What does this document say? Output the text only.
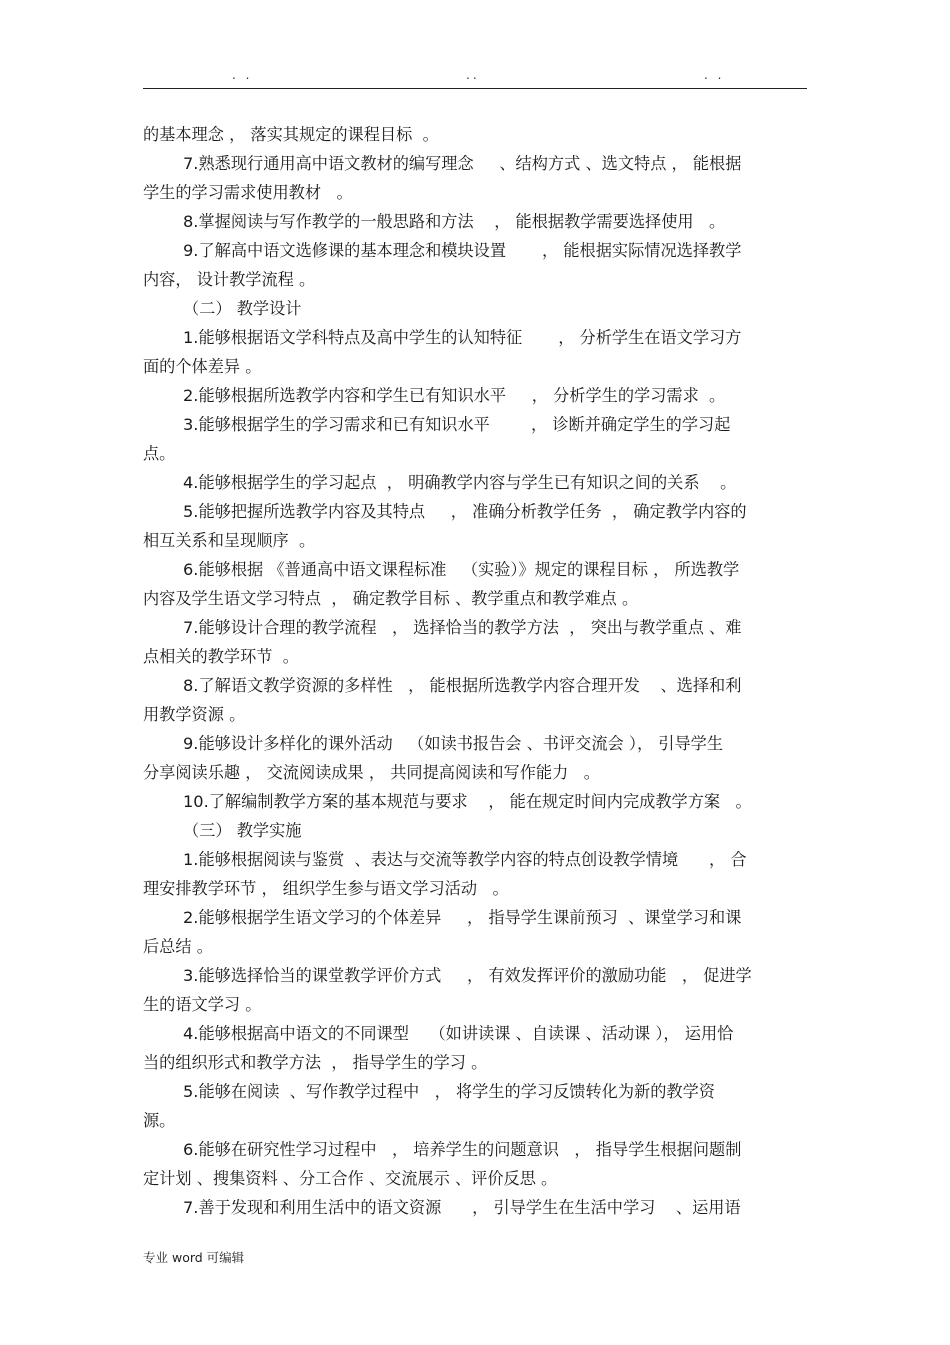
. .	..	. .
的基本理念 ， 落实其规定的课程目标  。
7.熟悉现行通用高中语文教材的编写理念     、结构方式 、选文特点 ， 能根据
学生的学习需求使用教材   。
8.掌握阅读与写作教学的一般思路和方法    ， 能根据教学需要选择使用   。
9.了解高中语文选修课的基本理念和模块设置       ， 能根据实际情况选择教学
内容， 设计教学流程 。
（二） 教学设计
1.能够根据语文学科特点及高中学生的认知特征       ， 分析学生在语文学习方
面的个体差异 。
2.能够根据所选教学内容和学生已有知识水平     ， 分析学生的学习需求  。
3.能够根据学生的学习需求和已有知识水平        ， 诊断并确定学生的学习起
点。
4.能够根据学生的学习起点  ， 明确教学内容与学生已有知识之间的关系    。
5.能够把握所选教学内容及其特点     ， 准确分析教学任务  ， 确定教学内容的
相互关系和呈现顺序  。
6.能够根据 《普通高中语文课程标准   （实验）》规定的课程目标 ， 所选教学
内容及学生语文学习特点  ， 确定教学目标 、教学重点和教学难点 。
7.能够设计合理的教学流程   ， 选择恰当的教学方法  ， 突出与教学重点 、难
点相关的教学环节  。
8.了解语文教学资源的多样性   ， 能根据所选教学内容合理开发    、选择和利
用教学资源 。
9.能够设计多样化的课外活动   （如读书报告会 、书评交流会 ）， 引导学生
分享阅读乐趣 ， 交流阅读成果 ， 共同提高阅读和写作能力   。
10.了解编制教学方案的基本规范与要求    ， 能在规定时间内完成教学方案   。
（三） 教学实施
1.能够根据阅读与鉴赏  、表达与交流等教学内容的特点创设教学情境      ， 合
理安排教学环节 ， 组织学生参与语文学习活动   。
2.能够根据学生语文学习的个体差异     ， 指导学生课前预习  、课堂学习和课
后总结 。
3.能够选择恰当的课堂教学评价方式     ， 有效发挥评价的激励功能   ， 促进学
生的语文学习 。
4.能够根据高中语文的不同课型    （如讲读课 、自读课 、活动课 ）， 运用恰
当的组织形式和教学方法  ， 指导学生的学习 。
5.能够在阅读  、写作教学过程中   ， 将学生的学习反馈转化为新的教学资
源。
6.能够在研究性学习过程中   ， 培养学生的问题意识   ， 指导学生根据问题制
定计划 、搜集资料 、分工合作 、交流展示 、评价反思 。
7.善于发现和利用生活中的语文资源      ， 引导学生在生活中学习    、运用语
专业 word 可编辑
